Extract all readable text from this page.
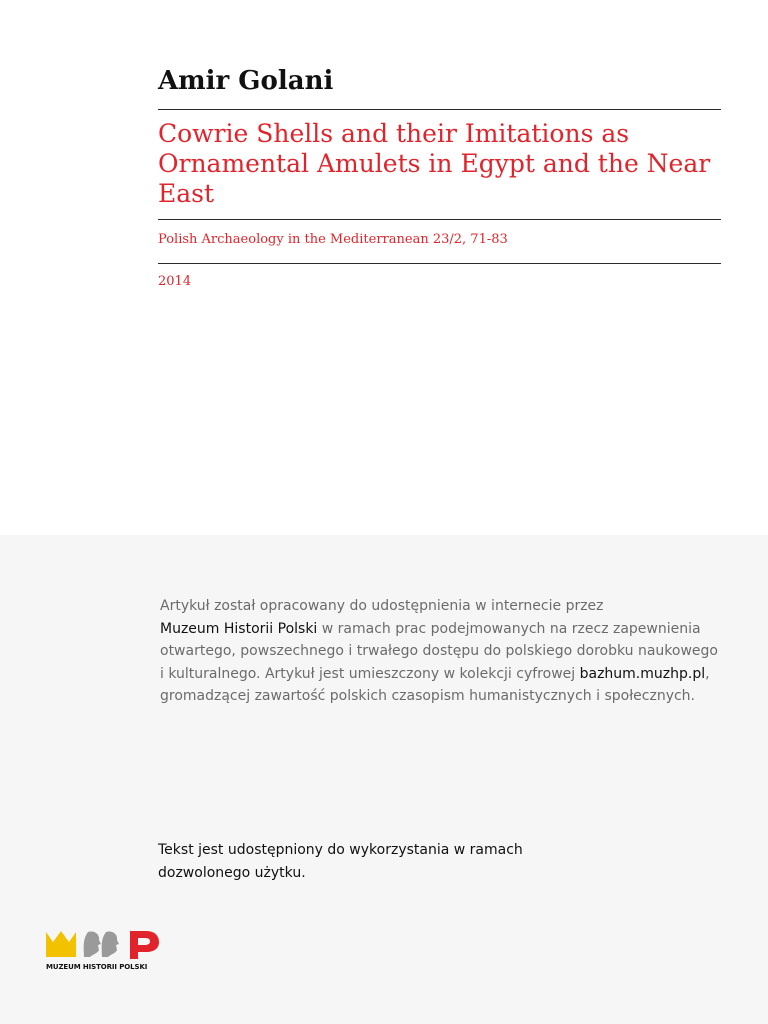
Amir Golani
Cowrie Shells and their Imitations as Ornamental Amulets in Egypt and the Near East

Polish Archaeology in the Mediterranean 23/2, 71-83

2014

Artykuł został opracowany do udostępnienia w internecie przez
Muzeum Historii Polski w ramach prac podejmowanych na rzecz zapewnienia otwartego, powszechnego i trwałego dostępu do polskiego dorobku naukowego i kulturalnego. Artykuł jest umieszczony w kolekcji cyfrowej bazhum.muzhp.pl, gromadzącej zawartość polskich czasopism humanistycznych i społecznych.

Tekst jest udostępniony do wykorzystania w ramach dozwolonego użytku.

MUZEUM HISTORII POLSKI
